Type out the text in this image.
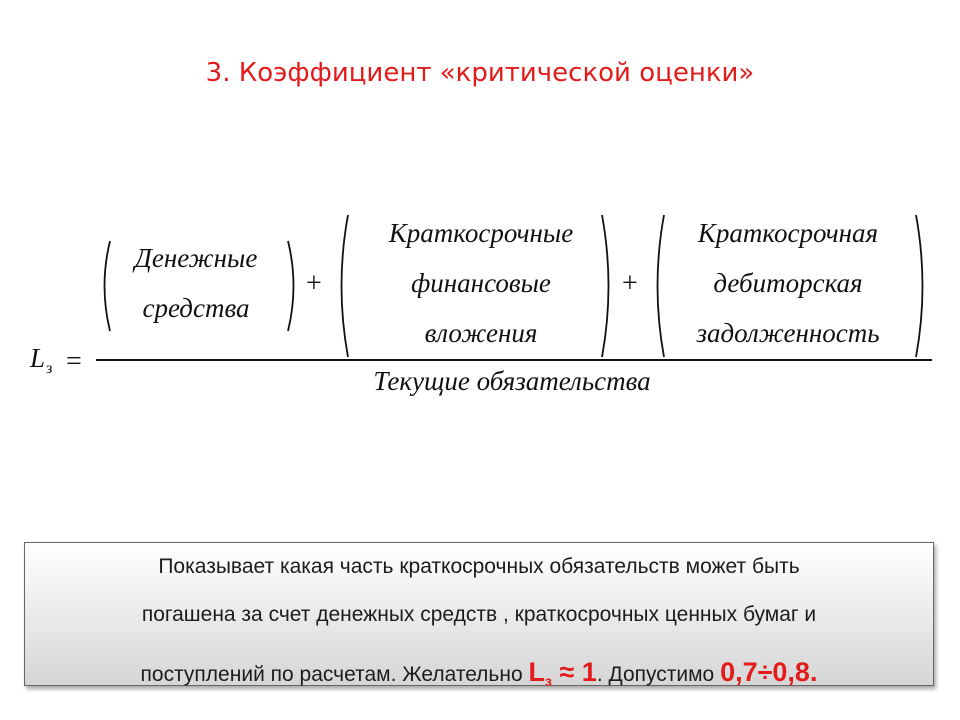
3. Коэффициент «критической оценки»
$L_з$ =
Денежные
средства
+
Краткосрочные
финансовые
вложения
+
Краткосрочная
дебиторская
задолженность
Текущие обязательства
Показывает какая часть краткосрочных обязательств может быть
погашена за счет денежных средств , краткосрочных ценных бумаг и
поступлений по расчетам. Желательно $L_з \approx 1$. Допустимо 0,7÷0,8.
